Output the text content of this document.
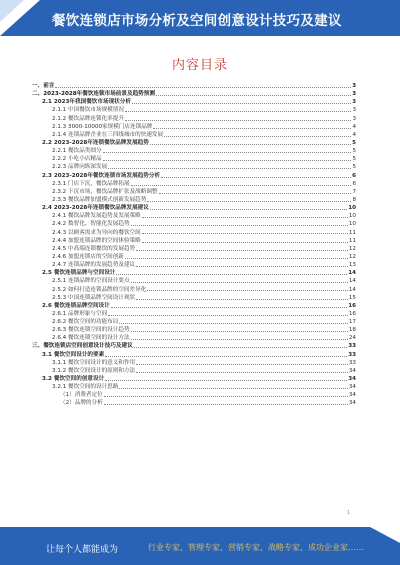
餐饮连锁店市场分析及空间创意设计技巧及建议
内容目录
一、前言	3
二、2023-2028年餐饮连锁市场前景及趋势预测	3
2.1 2023年我国餐饮市场现状分析	3
2.1.1 中国餐饮市场规模情况	3
2.1.2 餐饮品牌连锁化率提升	3
2.1.3 3000-10000家规模门店连锁品牌	4
2.1.4 连锁品牌企业在三四线城市的快速发展	4
2.2 2023-2028年连锁餐饮品牌发展趋势	5
2.2.1 餐饮品类细分	5
2.2.2 小吃小店精品	5
2.2.3 品牌向纵深发展	5
2.3 2023-2028年餐饮连锁市场发展趋势分析	6
2.3.1 门店下沉，餐饮品牌拓展	6
2.3.2 下沉市场，餐饮品牌扩张及战略调整	7
2.3.3 餐饮品牌加盟模式创新发展趋势	8
2.4 2023-2028年连锁餐饮品牌发展建议	10
2.4.1 餐饮品牌发展趋势及发展策略	10
2.4.2 数智化、智能化发展趋势	10
2.4.3 以顾客需求为导向的餐饮空间	11
2.4.4 加盟连锁品牌的空间体验策略	11
2.4.5 中高端连锁餐饮的发展趋势	12
2.4.6 加盟连锁店的空间创新	12
2.4.7 连锁品牌的发展趋势及建议	13
2.5 餐饮连锁品牌与空间设计	14
2.5.1 连锁品牌的空间设计要点	14
2.5.2 如何打造连锁品牌的空间差异化	14
2.5.3 中国连锁品牌空间设计现状	15
2.6 餐饮连锁品牌空间设计	16
2.6.1 品牌形象与空间	16
2.6.2 餐饮空间的功能布局	17
2.6.3 餐饮连锁空间的设计趋势	18
2.6.4 餐饮连锁空间的设计方法	24
三、餐饮连锁店空间创意设计技巧及建议	33
3.1 餐饮空间设计的要素	33
3.1.1 餐饮空间设计的意义和作用	33
3.1.2 餐饮空间设计的原则和方法	34
3.2 餐饮空间的创意设计	34
3.2.1 餐饮空间的设计思路	34
（1）消费者定位	34
（2）品牌的分析	34
1
让每个人都能成为	行业专家、管理专家、营销专家、战略专家、成功企业家……
